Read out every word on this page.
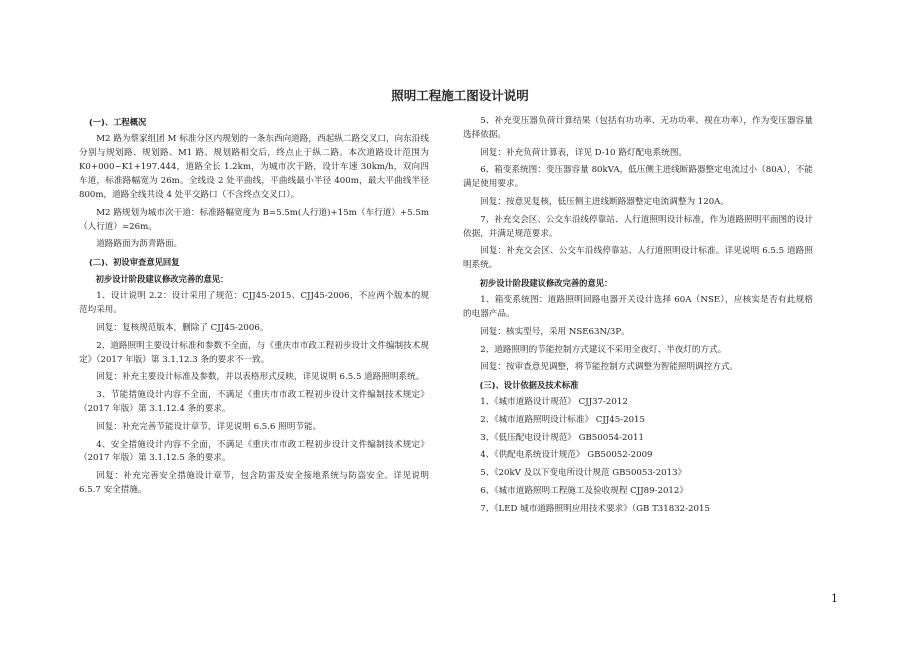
照明工程施工图设计说明

(一)、工程概况

M2 路为蔡家组团 M 标准分区内规划的一条东西向道路，西起纵二路交叉口，向东沿线分别与规划路、规划路、M1 路、规划路相交后，终点止于纵二路。本次道路设计范围为 K0+000~K1+197.444，道路全长 1.2km，为城市次干路，设计车速 30km/h，双向四车道，标准路幅宽为 26m。全线设 2 处平曲线，平曲线最小半径 400m，最大平曲线半径 800m，道路全线共设 4 处平交路口（不含终点交叉口）。

M2 路规划为城市次干道：标准路幅宽度为 B=5.5m(人行道)+15m（车行道）+5.5m（人行道）=26m。

道路路面为沥青路面。

(二)、初设审查意见回复

初步设计阶段建议修改完善的意见：

1、设计说明 2.2：设计采用了规范：CJJ45-2015、CJJ45-2006，不应两个版本的规范均采用。

回复：复核规范版本，删除了 CJJ45-2006。

2、道路照明主要设计标准和参数不全面，与《重庆市市政工程初步设计文件编制技术规定》（2017 年版）第 3.1.12.3 条的要求不一致。

回复：补充主要设计标准及参数，并以表格形式反映，详见说明 6.5.5 道路照明系统。

3、节能措施设计内容不全面，不满足《重庆市市政工程初步设计文件编制技术规定》（2017 年版）第 3.1.12.4 条的要求。

回复：补充完善节能设计章节，详见说明 6.5.6 照明节能。

4、安全措施设计内容不全面，不满足《重庆市市政工程初步设计文件编制技术规定》（2017 年版）第 3.1.12.5 条的要求。

回复：补充完善安全措施设计章节，包含防雷及安全接地系统与防盗安全。详见说明 6.5.7 安全措施。

5、补充变压器负荷计算结果（包括有功功率、无功功率、视在功率），作为变压器容量选择依据。

回复：补充负荷计算表，详见 D-10 路灯配电系统图。

6、箱变系统图：变压器容量 80kVA，低压侧主进线断路器整定电流过小（80A），不能满足使用要求。

回复：按意见复核，低压侧主进线断路器整定电流调整为 120A。

7、补充交会区、公交车沿线停靠站、人行道照明设计标准，作为道路照明平面图的设计依据，并满足规范要求。

回复：补充交会区、公交车沿线停靠站、人行道照明设计标准。详见说明 6.5.5 道路照明系统。

初步设计阶段建议修改完善的意见：

1、箱变系统图：道路照明回路电器开关设计选择 60A（NSE），应核实是否有此规格的电器产品。

回复：核实型号，采用 NSE63N/3P。

2、道路照明的节能控制方式建议不采用全夜灯、半夜灯的方式。

回复：按审查意见调整，将节能控制方式调整为智能照明调控方式。

(三)、设计依据及技术标准

1、《城市道路设计规范》 CJJ37-2012

2、《城市道路照明设计标准》 CJJ45-2015

3、《低压配电设计规范》 GB50054-2011

4、《供配电系统设计规范》 GB50052-2009

5、《20kV 及以下变电所设计规范 GB50053-2013》

6、《城市道路照明工程施工及验收规程 CJJ89-2012》

7、《LED 城市道路照明应用技术要求》（GB T31832-2015

1
